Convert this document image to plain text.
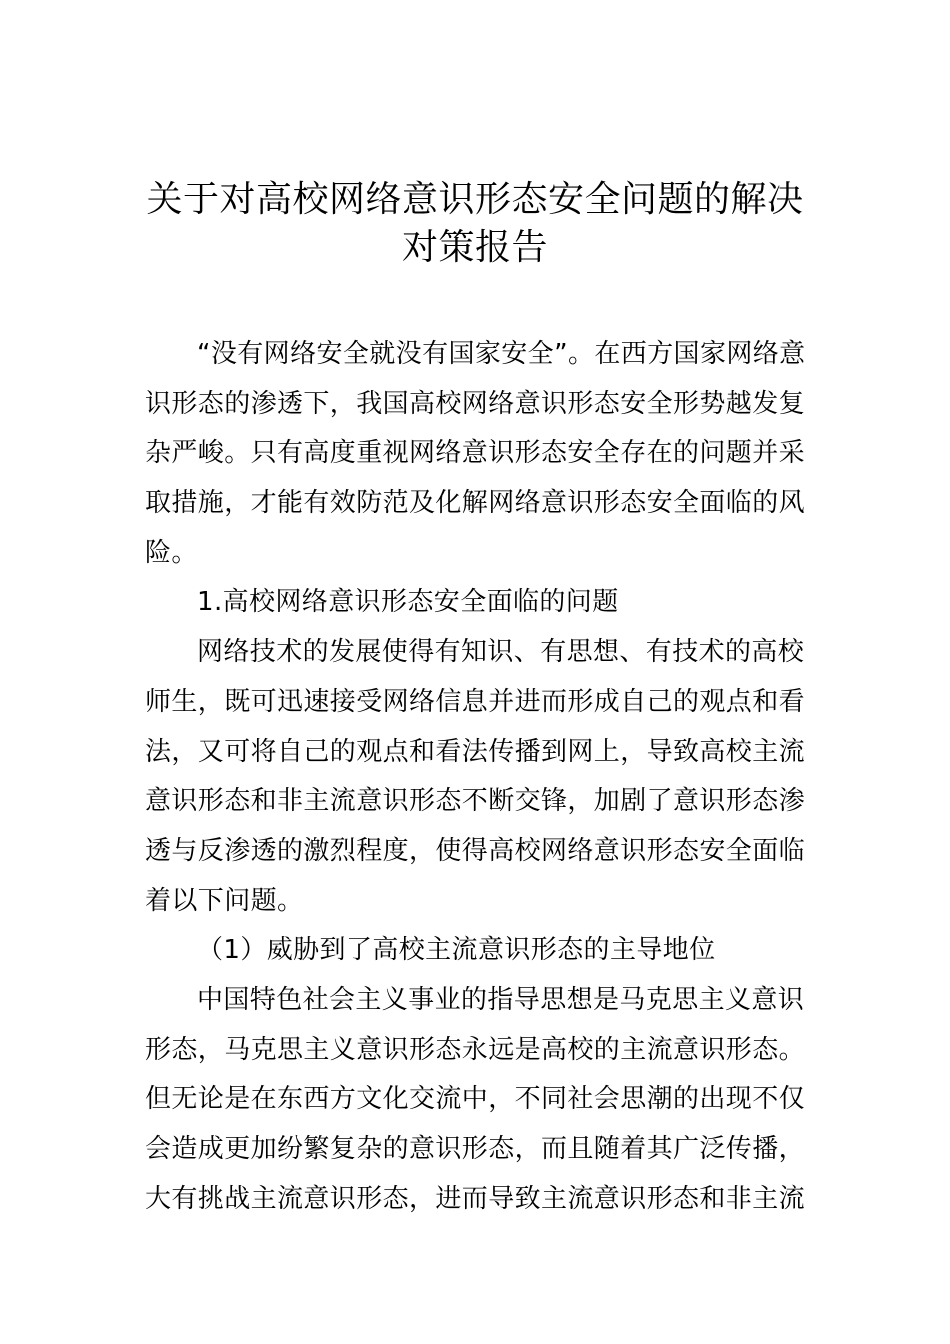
关于对高校网络意识形态安全问题的解决
对策报告
“没有网络安全就没有国家安全”。在西方国家网络意
识形态的渗透下，我国高校网络意识形态安全形势越发复
杂严峻。只有高度重视网络意识形态安全存在的问题并采
取措施，才能有效防范及化解网络意识形态安全面临的风
险。
1.高校网络意识形态安全面临的问题
网络技术的发展使得有知识、有思想、有技术的高校
师生，既可迅速接受网络信息并进而形成自己的观点和看
法，又可将自己的观点和看法传播到网上，导致高校主流
意识形态和非主流意识形态不断交锋，加剧了意识形态渗
透与反渗透的激烈程度，使得高校网络意识形态安全面临
着以下问题。
（1）威胁到了高校主流意识形态的主导地位
中国特色社会主义事业的指导思想是马克思主义意识
形态，马克思主义意识形态永远是高校的主流意识形态。
但无论是在东西方文化交流中，不同社会思潮的出现不仅
会造成更加纷繁复杂的意识形态，而且随着其广泛传播，
大有挑战主流意识形态，进而导致主流意识形态和非主流
